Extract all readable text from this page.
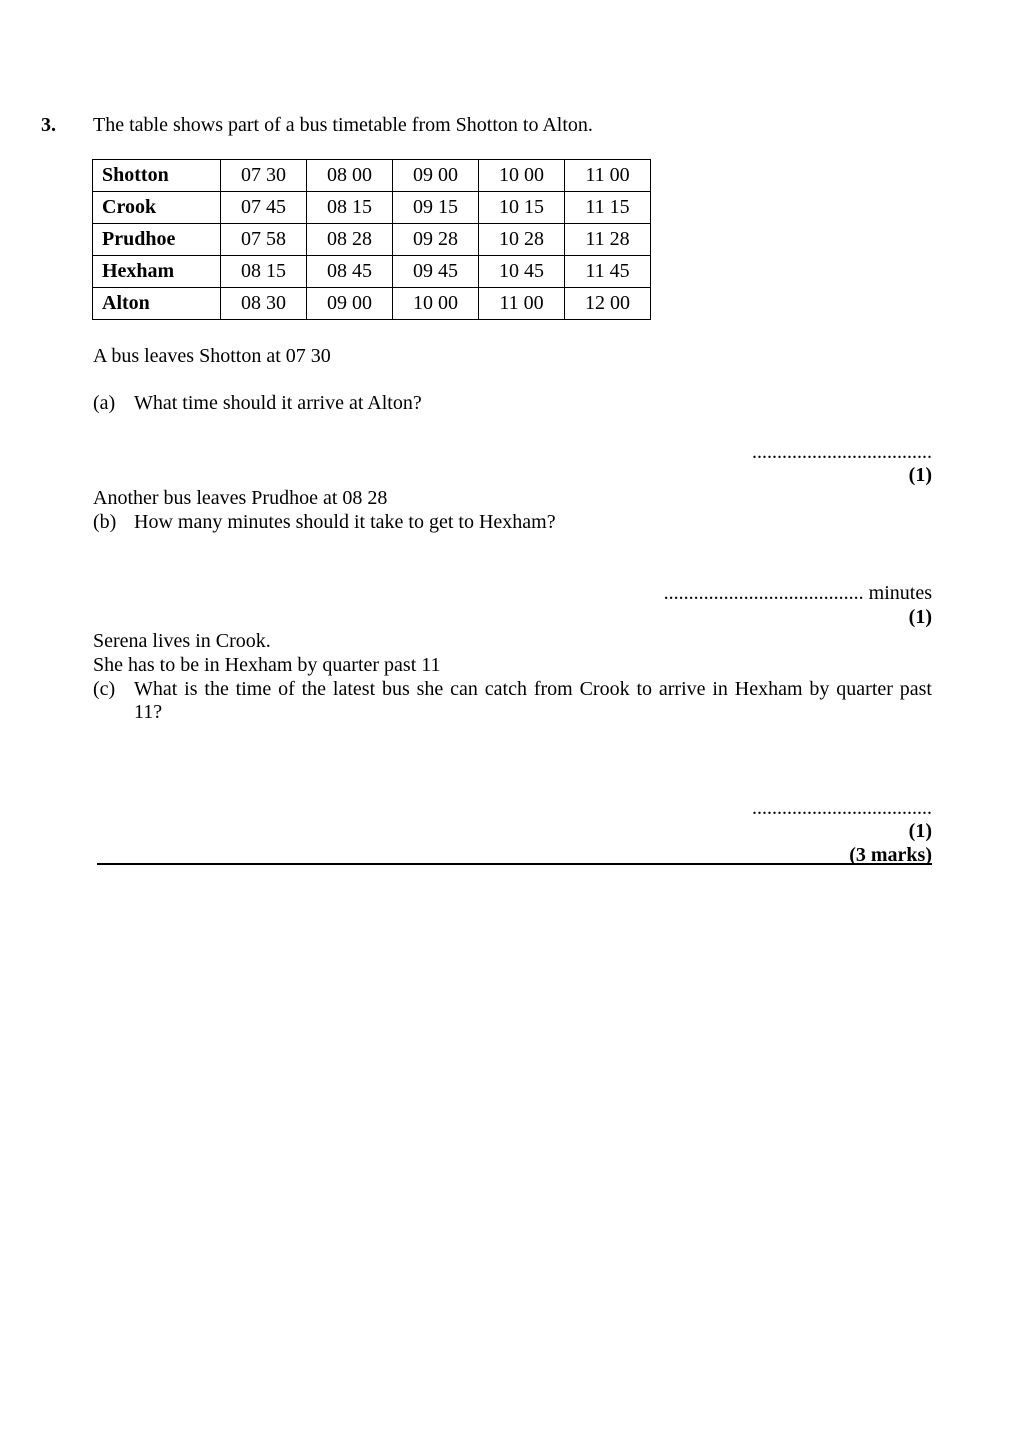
3. The table shows part of a bus timetable from Shotton to Alton.
Shotton	07 30	08 00	09 00	10 00	11 00
Crook	07 45	08 15	09 15	10 15	11 15
Prudhoe	07 58	08 28	09 28	10 28	11 28
Hexham	08 15	08 45	09 45	10 45	11 45
Alton	08 30	09 00	10 00	11 00	12 00
A bus leaves Shotton at 07 30
(a) What time should it arrive at Alton?
....................................
(1)
Another bus leaves Prudhoe at 08 28
(b) How many minutes should it take to get to Hexham?
........................................ minutes
(1)
Serena lives in Crook.
She has to be in Hexham by quarter past 11
(c) What is the time of the latest bus she can catch from Crook to arrive in Hexham by quarter past
11?
....................................
(1)
(3 marks)
